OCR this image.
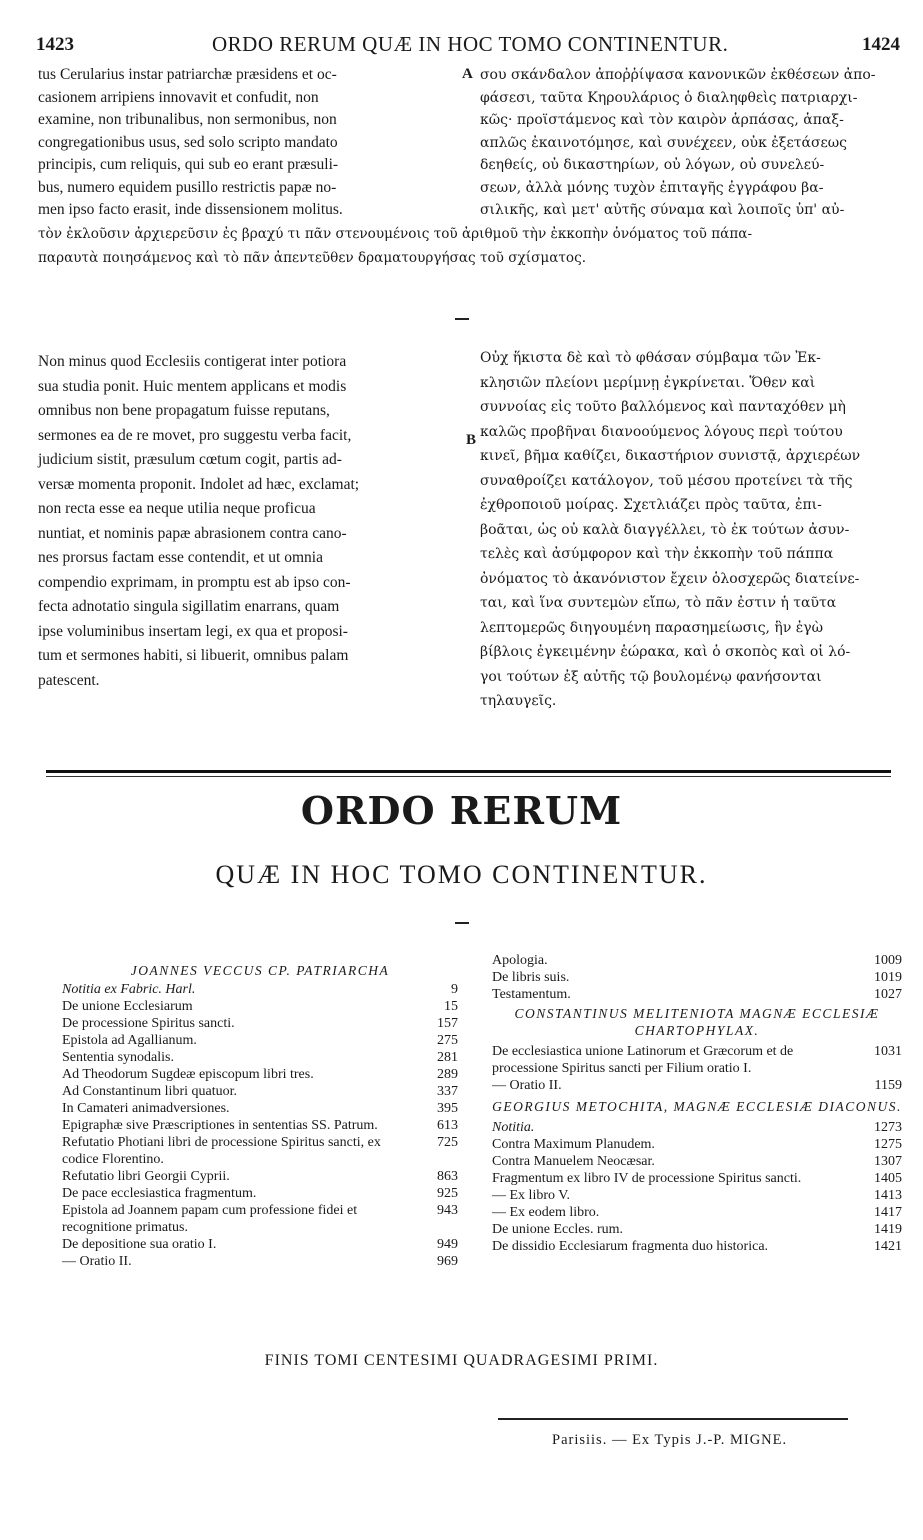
1423	ORDO RERUM QUÆ IN HOC TOMO CONTINENTUR.	1424

tus Cerularius instar patriarchæ præsidens et oc-

casionem arripiens innovavit et confudit, non

examine, non tribunalibus, non sermonibus, non

congregationibus usus, sed solo scripto mandato

principis, cum reliquis, qui sub eo erant præsuli-

bus, numero equidem pusillo restrictis papæ no-

men ipso facto erasit, inde dissensionem molitus.

A σου σκάνδαλον ἀποῤῥίψασα κανονικῶν ἐκθέσεων ἀπο-

φάσεσι, ταῦτα Κηρουλάριος ὁ διαληφθεὶς πατριαρχι-

κῶς· προϊστάμενος καὶ τὸν καιρὸν ἁρπάσας, ἁπαξ-

απλῶς ἐκαινοτόμησε, καὶ συνέχεεν, οὐκ ἐξετάσεως

δεηθείς, οὐ δικαστηρίων, οὐ λόγων, οὐ συνελεύ-

σεων, ἀλλὰ μόνης τυχὸν ἐπιταγῆς ἐγγράφου βα-

σιλικῆς, καὶ μετ' αὐτῆς σύναμα καὶ λοιποῖς ὑπ' αὐ-

τὸν ἐκλοῦσιν ἀρχιερεῦσιν ἐς βραχύ τι πᾶν στενουμένοις τοῦ ἀριθμοῦ τὴν ἐκκοπὴν ὀνόματος τοῦ πάπα-

παραυτὰ ποιησάμενος καὶ τὸ πᾶν ἀπεντεῦθεν δραματουργήσας τοῦ σχίσματος.

Non minus quod Ecclesiis contigerat inter potiora

sua studia ponit. Huic mentem applicans et modis

omnibus non bene propagatum fuisse reputans,

sermones ea de re movet, pro suggestu verba facit,

judicium sistit, præsulum cœtum cogit, partis ad-

versæ momenta proponit. Indolet ad hæc, exclamat;

non recta esse ea neque utilia neque proficua

nuntiat, et nominis papæ abrasionem contra cano-

nes prorsus factam esse contendit, et ut omnia

compendio exprimam, in promptu est ab ipso con-

fecta adnotatio singula sigillatim enarrans, quam

ipse voluminibus insertam legi, ex qua et proposi-

tum et sermones habiti, si libuerit, omnibus palam

patescent.

B

Οὐχ ἥκιστα δὲ καὶ τὸ φθάσαν σύμβαμα τῶν Ἐκ-

κλησιῶν πλείονι μερίμνῃ ἐγκρίνεται. Ὅθεν καὶ

συννοίας εἰς τοῦτο βαλλόμενος καὶ πανταχόθεν μὴ

καλῶς προβῆναι διανοούμενος λόγους περὶ τούτου

κινεῖ, βῆμα καθίζει, δικαστήριον συνιστᾷ, ἀρχιερέων

συναθροίζει κατάλογον, τοῦ μέσου προτείνει τὰ τῆς

ἐχθροποιοῦ μοίρας. Σχετλιάζει πρὸς ταῦτα, ἐπι-

βοᾶται, ὡς οὐ καλὰ διαγγέλλει, τὸ ἐκ τούτων ἀσυν-

τελὲς καὶ ἀσύμφορον καὶ τὴν ἐκκοπὴν τοῦ πάππα

ὀνόματος τὸ ἀκανόνιστον ἔχειν ὁλοσχερῶς διατείνε-

ται, καὶ ἵνα συντεμὼν εἴπω, τὸ πᾶν ἐστιν ἡ ταῦτα

λεπτομερῶς διηγουμένη παρασημείωσις, ἣν ἐγὼ

βίβλοις ἐγκειμένην ἑώρακα, καὶ ὁ σκοπὸς καὶ οἱ λό-

γοι τούτων ἐξ αὐτῆς τῷ βουλομένῳ φανήσονται

τηλαυγεῖς.

ORDO RERUM
QUÆ IN HOC TOMO CONTINENTUR.
JOANNES VECCUS CP. PATRIARCHA
Notitia ex Fabric. Harl.	9
De unione Ecclesiarum	15
De processione Spiritus sancti.	157
Epistola ad Agallianum.	275
Sententia synodalis.	281
Ad Theodorum Sugdeæ episcopum libri tres.	289
Ad Constantinum libri quatuor.	337
In Camateri animadversiones.	395
Epigraphæ sive Præscriptiones in sententias SS. Patrum.	613
Refutatio Photiani libri de processione Spiritus sancti, ex codice Florentino.
725
Refutatio libri Georgii Cyprii.	863
De pace ecclesiastica fragmentum.	925
Epistola ad Joannem papam cum professione fidei et recognitione primatus.
943
De depositione sua oratio I.	949
— Oratio II.	969
Apologia.	1009
De libris suis.	1019
Testamentum.	1027
CONSTANTINUS MELITENIOTA MAGNÆ ECCLESIÆ CHARTOPHYLAX.
De ecclesiastica unione Latinorum et Græcorum et de processione Spiritus sancti per Filium oratio I.
1031
— Oratio II.	1159
GEORGIUS METOCHITA, MAGNÆ ECCLESIÆ DIACONUS.
Notitia.	1273
Contra Maximum Planudem.	1275
Contra Manuelem Neocæsar.	1307
Fragmentum ex libro IV de processione Spiritus sancti.	1405
— Ex libro V.	1413
— Ex eodem libro.	1417
De unione Eccles. rum.	1419
De dissidio Ecclesiarum fragmenta duo historica.	1421
FINIS TOMI CENTESIMI QUADRAGESIMI PRIMI.
Parisiis. — Ex Typis J.-P. MIGNE.
